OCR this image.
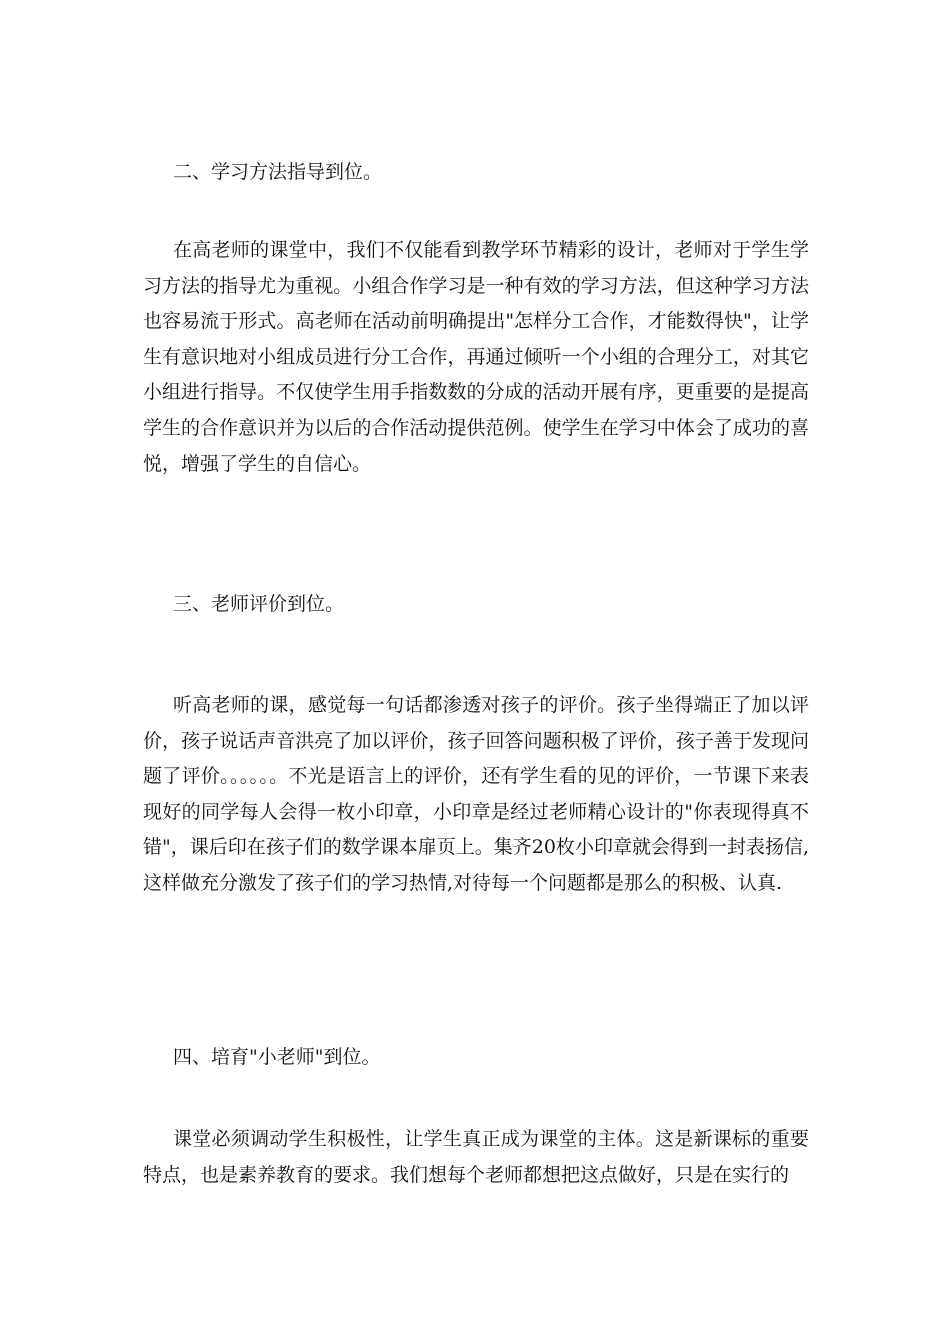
二、学习方法指导到位。

在高老师的课堂中，我们不仅能看到教学环节精彩的设计，老师对于学生学习方法的指导尤为重视。小组合作学习是一种有效的学习方法，但这种学习方法也容易流于形式。高老师在活动前明确提出"怎样分工合作，才能数得快"，让学生有意识地对小组成员进行分工合作，再通过倾听一个小组的合理分工，对其它小组进行指导。不仅使学生用手指数数的分成的活动开展有序，更重要的是提高学生的合作意识并为以后的合作活动提供范例。使学生在学习中体会了成功的喜悦，增强了学生的自信心。

三、老师评价到位。

听高老师的课，感觉每一句话都渗透对孩子的评价。孩子坐得端正了加以评价，孩子说话声音洪亮了加以评价，孩子回答问题积极了评价，孩子善于发现问题了评价。。。。。。不光是语言上的评价，还有学生看的见的评价，一节课下来表现好的同学每人会得一枚小印章，小印章是经过老师精心设计的"你表现得真不错"，课后印在孩子们的数学课本扉页上。集齐20枚小印章就会得到一封表扬信,这样做充分激发了孩子们的学习热情,对待每一个问题都是那么的积极、认真.

四、培育"小老师"到位。

课堂必须调动学生积极性，让学生真正成为课堂的主体。这是新课标的重要特点，也是素养教育的要求。我们想每个老师都想把这点做好，只是在实行的
